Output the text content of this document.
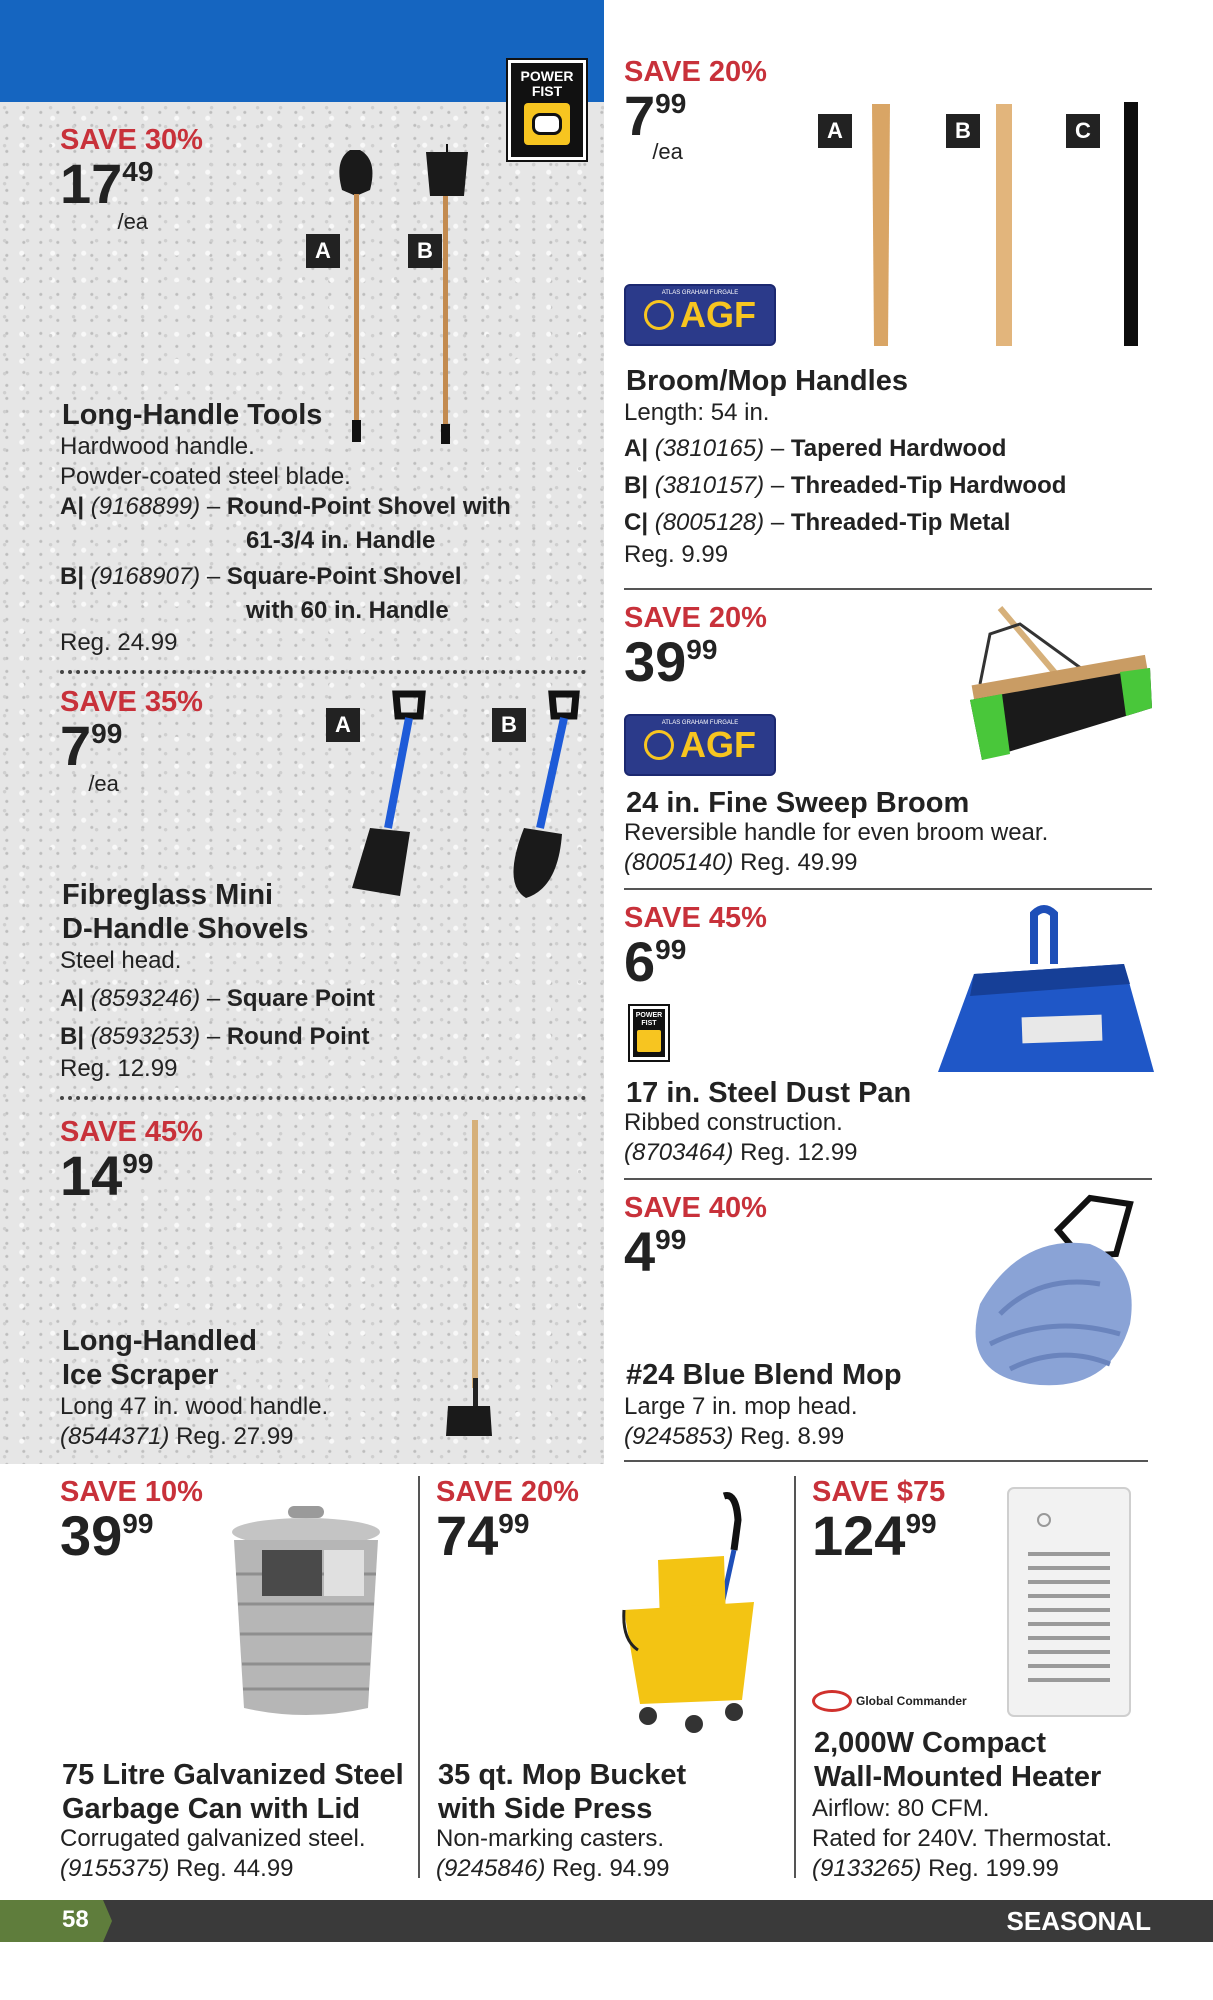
POWER
FIST
SAVE 30%
$17^{49}_{/ea}$
A	B
Long-Handle Tools
Hardwood handle.
Powder-coated steel blade.
A| (9168899) – Round-Point Shovel with
61-3/4 in. Handle
B| (9168907) – Square-Point Shovel
with 60 in. Handle
Reg. 24.99
SAVE 35%
$7^{99}_{/ea}$
A	B
Fibreglass Mini
D-Handle Shovels
Steel head.
A| (8593246) – Square Point
B| (8593253) – Round Point
Reg. 12.99
SAVE 45%
$14^{99}$
Long-Handled
Ice Scraper
Long 47 in. wood handle.
(8544371) Reg. 27.99
SAVE 20%
$7^{99}_{/ea}$
A	B	C
ATLAS GRAHAM FURGALE
AGF
Broom/Mop Handles
Length: 54 in.
A| (3810165) – Tapered Hardwood
B| (3810157) – Threaded-Tip Hardwood
C| (8005128) – Threaded-Tip Metal
Reg. 9.99
SAVE 20%
$39^{99}$
ATLAS GRAHAM FURGALE
AGF
24 in. Fine Sweep Broom
Reversible handle for even broom wear.
(8005140) Reg. 49.99
SAVE 45%
$6^{99}$
POWER
FIST
17 in. Steel Dust Pan
Ribbed construction.
(8703464) Reg. 12.99
SAVE 40%
$4^{99}$
#24 Blue Blend Mop
Large 7 in. mop head.
(9245853) Reg. 8.99
SAVE 10%
$39^{99}$
75 Litre Galvanized Steel
Garbage Can with Lid
Corrugated galvanized steel.
(9155375) Reg. 44.99
SAVE 20%
$74^{99}$
35 qt. Mop Bucket
with Side Press
Non-marking casters.
(9245846) Reg. 94.99
SAVE $75
$124^{99}$
Global Commander
2,000W Compact
Wall-Mounted Heater
Airflow: 80 CFM.
Rated for 240V. Thermostat.
(9133265) Reg. 199.99
58	SEASONAL
